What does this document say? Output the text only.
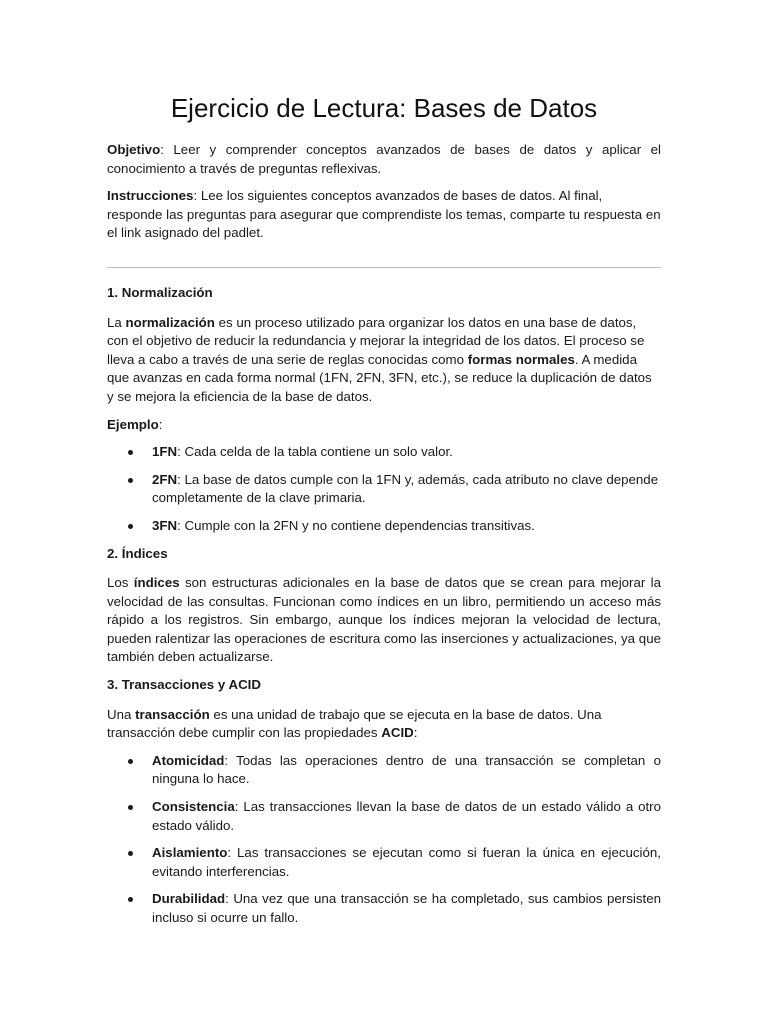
Ejercicio de Lectura: Bases de Datos

Objetivo: Leer y comprender conceptos avanzados de bases de datos y aplicar el conocimiento a través de preguntas reflexivas.

Instrucciones: Lee los siguientes conceptos avanzados de bases de datos. Al final, responde las preguntas para asegurar que comprendiste los temas, comparte tu respuesta en el link asignado del padlet.

1. Normalización

La normalización es un proceso utilizado para organizar los datos en una base de datos, con el objetivo de reducir la redundancia y mejorar la integridad de los datos. El proceso se lleva a cabo a través de una serie de reglas conocidas como formas normales. A medida que avanzas en cada forma normal (1FN, 2FN, 3FN, etc.), se reduce la duplicación de datos y se mejora la eficiencia de la base de datos.

Ejemplo:

1FN: Cada celda de la tabla contiene un solo valor.
2FN: La base de datos cumple con la 1FN y, además, cada atributo no clave depende completamente de la clave primaria.
3FN: Cumple con la 2FN y no contiene dependencias transitivas.
2. Índices

Los índices son estructuras adicionales en la base de datos que se crean para mejorar la velocidad de las consultas. Funcionan como índices en un libro, permitiendo un acceso más rápido a los registros. Sin embargo, aunque los índices mejoran la velocidad de lectura, pueden ralentizar las operaciones de escritura como las inserciones y actualizaciones, ya que también deben actualizarse.

3. Transacciones y ACID

Una transacción es una unidad de trabajo que se ejecuta en la base de datos. Una transacción debe cumplir con las propiedades ACID:

Atomicidad: Todas las operaciones dentro de una transacción se completan o ninguna lo hace.
Consistencia: Las transacciones llevan la base de datos de un estado válido a otro estado válido.
Aislamiento: Las transacciones se ejecutan como si fueran la única en ejecución, evitando interferencias.
Durabilidad: Una vez que una transacción se ha completado, sus cambios persisten incluso si ocurre un fallo.
